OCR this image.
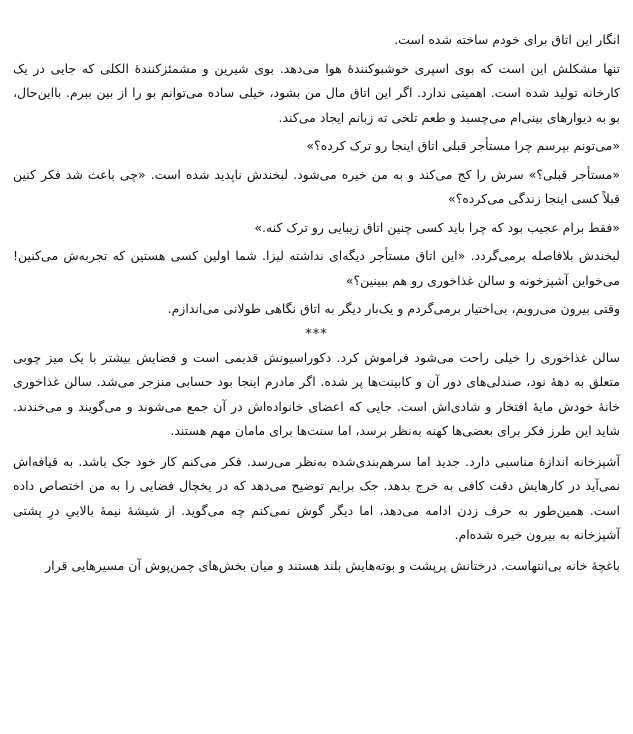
انگار این اتاق برای خودم ساخته شده است.

تنها مشکلش این است که بوی اسپری خوشبوکنندهٔ هوا می‌دهد. بوی شیرین و مشمئزکنندهٔ الکلی که جایی در یک کارخانه تولید شده است. اهمیتی ندارد. اگر این اتاق مال من بشود، خیلی ساده می‌توانم بو را از بین ببرم. بااین‌حال، بو به دیوارهای بینی‌ام می‌چسبد و طعم تلخی ته زبانم ایجاد می‌کند.

«می‌تونم بپرسم چرا مستأجر قبلی اتاق اینجا رو ترک کرده؟»

«مستأجر قبلی؟» سرش را کج می‌کند و به من خیره می‌شود. لبخندش ناپدید شده است. «چی باعث شد فکر کنین قبلاً کسی اینجا زندگی می‌کرده؟»

«فقط برام عجیب بود که چرا باید کسی چنین اتاق زیبایی رو ترک کنه.»

لبخندش بلافاصله برمی‌گردد. «این اتاق مستأجر دیگه‌ای نداشته لیزا. شما اولین کسی هستین که تجربه‌ش می‌کنین! می‌خواین آشپزخونه و سالن غذاخوری رو هم ببینین؟»

وقتی بیرون می‌رویم، بی‌اختیار برمی‌گردم و یک‌بار دیگر به اتاق نگاهی طولانی می‌اندازم.

***

سالن غذاخوری را خیلی راحت می‌شود فراموش کرد. دکوراسیونش قدیمی است و فضایش بیشتر با یک میز چوبی متعلق به دههٔ نود، صندلی‌های دور آن و کابینت‌ها پر شده. اگر مادرم اینجا بود حسابی منزجر می‌شد. سالن غذاخوری خانهٔ خودش مایهٔ افتخار و شادی‌اش است. جایی که اعضای خانواده‌اش در آن جمع می‌شوند و می‌گویند و می‌خندند. شاید این طرز فکر برای بعضی‌ها کهنه به‌نظر برسد، اما سنت‌ها برای مامان مهم هستند.

آشپزخانه اندازهٔ مناسبی دارد. جدید اما سرهم‌بندی‌شده به‌نظر می‌رسد. فکر می‌کنم کار خود جک باشد. به قیافه‌اش نمی‌آید در کارهایش دقت کافی به خرج بدهد. جک برایم توضیح می‌دهد که در یخچال فضایی را به من اختصاص داده است. همین‌طور به حرف زدن ادامه می‌دهد، اما دیگر گوش نمی‌کنم چه می‌گوید. از شیشهٔ نیمهٔ بالاییِ درِ پشتی آشپزخانه به بیرون خیره شده‌ام.

باغچهٔ خانه بی‌انتهاست. درختانش پرپشت و بوته‌هایش بلند هستند و میان بخش‌های چمن‌پوش آن مسیرهایی قرار
